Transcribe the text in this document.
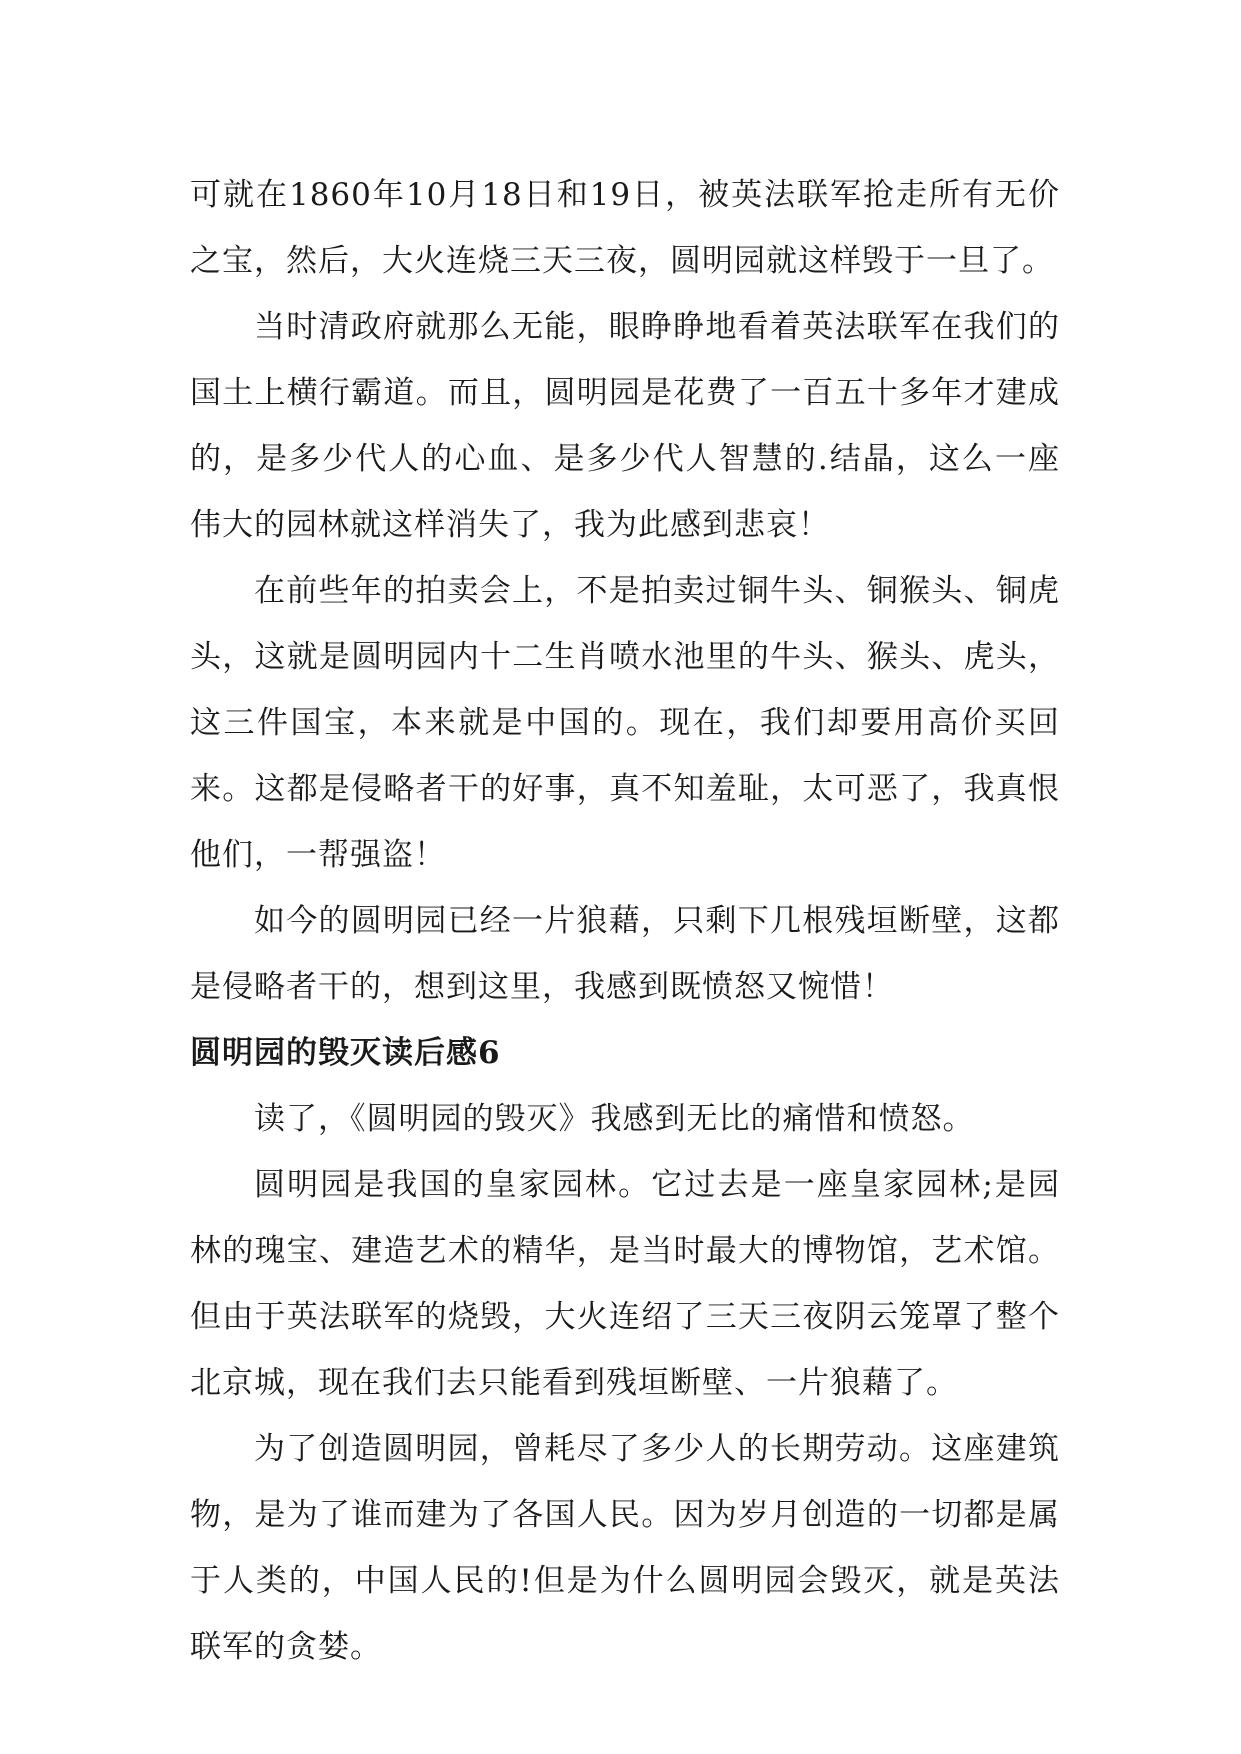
可就在1860年10月18日和19日，被英法联军抢走所有无价之宝，然后，大火连烧三天三夜，圆明园就这样毁于一旦了。

当时清政府就那么无能，眼睁睁地看着英法联军在我们的国土上横行霸道。而且，圆明园是花费了一百五十多年才建成的，是多少代人的心血、是多少代人智慧的.结晶，这么一座伟大的园林就这样消失了，我为此感到悲哀！

在前些年的拍卖会上，不是拍卖过铜牛头、铜猴头、铜虎头，这就是圆明园内十二生肖喷水池里的牛头、猴头、虎头，这三件国宝，本来就是中国的。现在，我们却要用高价买回来。这都是侵略者干的好事，真不知羞耻，太可恶了，我真恨他们，一帮强盗！

如今的圆明园已经一片狼藉，只剩下几根残垣断壁，这都是侵略者干的，想到这里，我感到既愤怒又惋惜！

圆明园的毁灭读后感6

读了，《圆明园的毁灭》我感到无比的痛惜和愤怒。

圆明园是我国的皇家园林。它过去是一座皇家园林;是园林的瑰宝、建造艺术的精华，是当时最大的博物馆，艺术馆。但由于英法联军的烧毁，大火连绍了三天三夜阴云笼罩了整个北京城，现在我们去只能看到残垣断壁、一片狼藉了。

为了创造圆明园，曾耗尽了多少人的长期劳动。这座建筑物，是为了谁而建为了各国人民。因为岁月创造的一切都是属于人类的，中国人民的!但是为什么圆明园会毁灭，就是英法联军的贪婪。
